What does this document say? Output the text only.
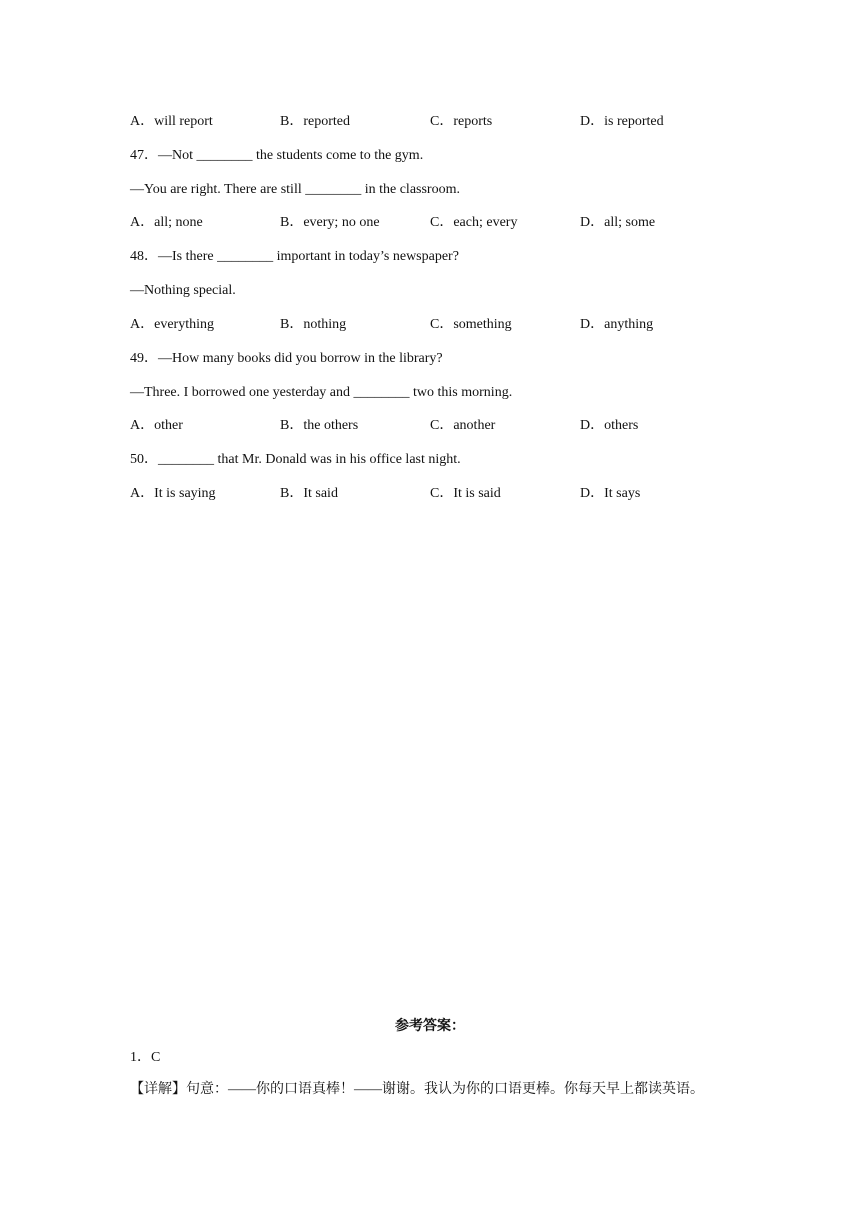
A．will report	B．reported	C．reports	D．is reported
47．—Not ________ the students come to the gym.
—You are right. There are still ________ in the classroom.
A．all; none	B．every; no one	C．each; every	D．all; some
48．—Is there ________ important in today’s newspaper?
—Nothing special.
A．everything	B．nothing	C．something	D．anything
49．—How many books did you borrow in the library?
—Three. I borrowed one yesterday and ________ two this morning.
A．other	B．the others	C．another	D．others
50．________ that Mr. Donald was in his office last night.
A．It is saying	B．It said	C．It is said	D．It says
参考答案：
1．C
【详解】句意：——你的口语真棒！——谢谢。我认为你的口语更棒。你每天早上都读英语。
